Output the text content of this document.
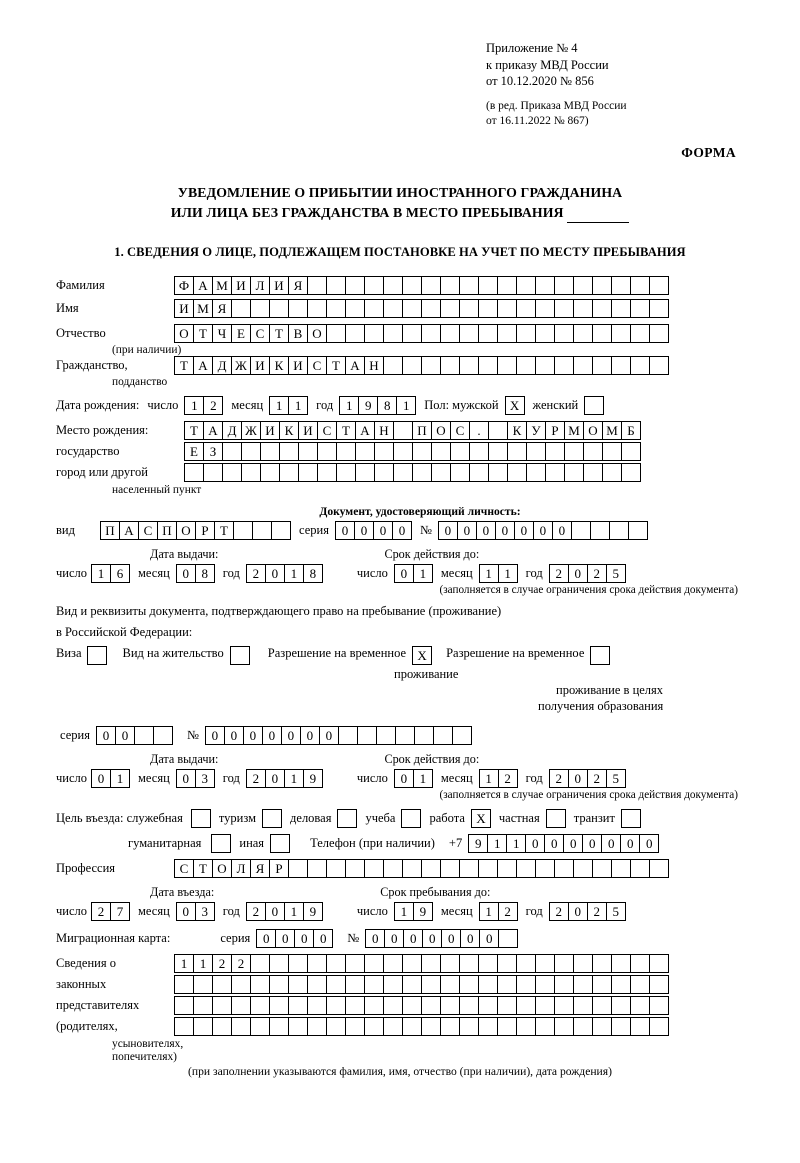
Приложение № 4
к приказу МВД России
от 10.12.2020 № 856
(в ред. Приказа МВД России
от 16.11.2022 № 867)
ФОРМА
УВЕДОМЛЕНИЕ О ПРИБЫТИИ ИНОСТРАННОГО ГРАЖДАНИНА
ИЛИ ЛИЦА БЕЗ ГРАЖДАНСТВА В МЕСТО ПРЕБЫВАНИЯ
1. СВЕДЕНИЯ О ЛИЦЕ, ПОДЛЕЖАЩЕМ ПОСТАНОВКЕ НА УЧЕТ ПО МЕСТУ ПРЕБЫВАНИЯ
Фамилия	Ф А М И Л И Я
Имя	И М Я
Отчество	О Т Ч Е С Т В О
(при наличии)
Гражданство,	Т А Д Ж И К И С Т А Н
подданство
Дата рождения: число 1 2	месяц 1 1	год 1 9 8 1	Пол: мужской X	женский
Место рождения:	Т А Д Ж И К И С Т А Н	П О С	.	К У Р М О М Б
государство	Е З
город или другой
населенный пункт
Документ, удостоверяющий личность:
вид	П А С П О Р Т	серия 0 0 0 0	№ 0 0 0 0 0 0 0
Дата выдачи:	Срок действия до:
число 1 6	месяц 0 8	год 2 0 1 8	число 0 1	месяц 1 1	год 2 0 2 5
(заполняется в случае ограничения срока действия документа)
Вид и реквизиты документа, подтверждающего право на пребывание (проживание)
в Российской Федерации:
Виза	Вид на жительство	Разрешение на временное X	Разрешение на временное
проживание
проживание в целях
получения образования
серия 0 0	№ 0 0 0 0 0 0 0
Дата выдачи:	Срок действия до:
число 0 1	месяц 0 3	год 2 0 1 9	число 0 1	месяц 1 2	год 2 0 2 5
(заполняется в случае ограничения срока действия документа)
Цель въезда: служебная	туризм	деловая	учеба	работа X	частная	транзит
гуманитарная	иная	Телефон (при наличии) +7 9 1 1 0 0 0 0 0 0 0
Профессия	С Т О Л Я Р
Дата въезда:	Срок пребывания до:
число 2 7	месяц 0 3	год 2 0 1 9	число 1 9	месяц 1 2	год 2 0 2 5
Миграционная карта:	серия 0 0 0 0	№ 0 0 0 0 0 0 0
Сведения о	1 1 2 2
законных
представителях
(родителях,
усыновителях,
попечителях)
(при заполнении указываются фамилия, имя, отчество (при наличии), дата рождения)
